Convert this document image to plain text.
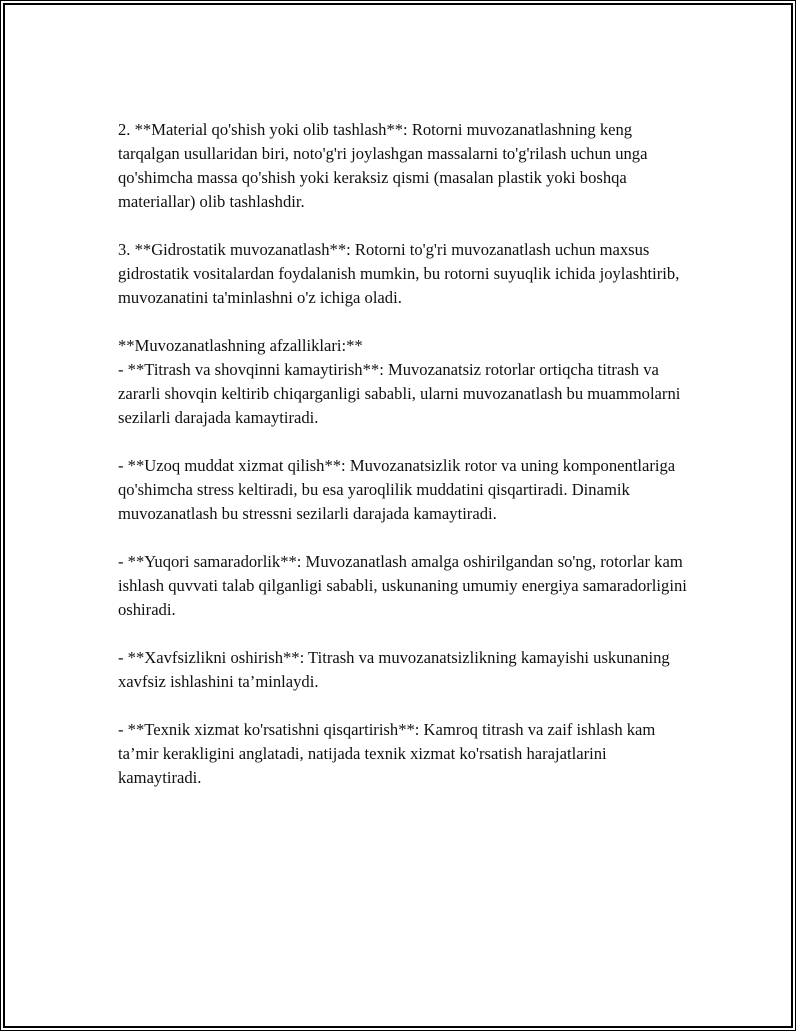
2. **Material qo'shish yoki olib tashlash**: Rotorni muvozanatlashning keng tarqalgan usullaridan biri, noto'g'ri joylashgan massalarni to'g'rilash uchun unga qo'shimcha massa qo'shish yoki keraksiz qismi (masalan plastik yoki boshqa materiallar) olib tashlashdir.

3. **Gidrostatik muvozanatlash**: Rotorni to'g'ri muvozanatlash uchun maxsus gidrostatik vositalardan foydalanish mumkin, bu rotorni suyuqlik ichida joylashtirib, muvozanatini ta'minlashni o'z ichiga oladi.

**Muvozanatlashning afzalliklari:**

- **Titrash va shovqinni kamaytirish**: Muvozanatsiz rotorlar ortiqcha titrash va zararli shovqin keltirib chiqarganligi sababli, ularni muvozanatlash bu muammolarni sezilarli darajada kamaytiradi.

- **Uzoq muddat xizmat qilish**: Muvozanatsizlik rotor va uning komponentlariga qo'shimcha stress keltiradi, bu esa yaroqlilik muddatini qisqartiradi. Dinamik muvozanatlash bu stressni sezilarli darajada kamaytiradi.

- **Yuqori samaradorlik**: Muvozanatlash amalga oshirilgandan so'ng, rotorlar kam ishlash quvvati talab qilganligi sababli, uskunaning umumiy energiya samaradorligini oshiradi.

- **Xavfsizlikni oshirish**: Titrash va muvozanatsizlikning kamayishi uskunaning xavfsiz ishlashini ta’minlaydi.

- **Texnik xizmat ko'rsatishni qisqartirish**: Kamroq titrash va zaif ishlash kam ta’mir kerakligini anglatadi, natijada texnik xizmat ko'rsatish harajatlarini kamaytiradi.
